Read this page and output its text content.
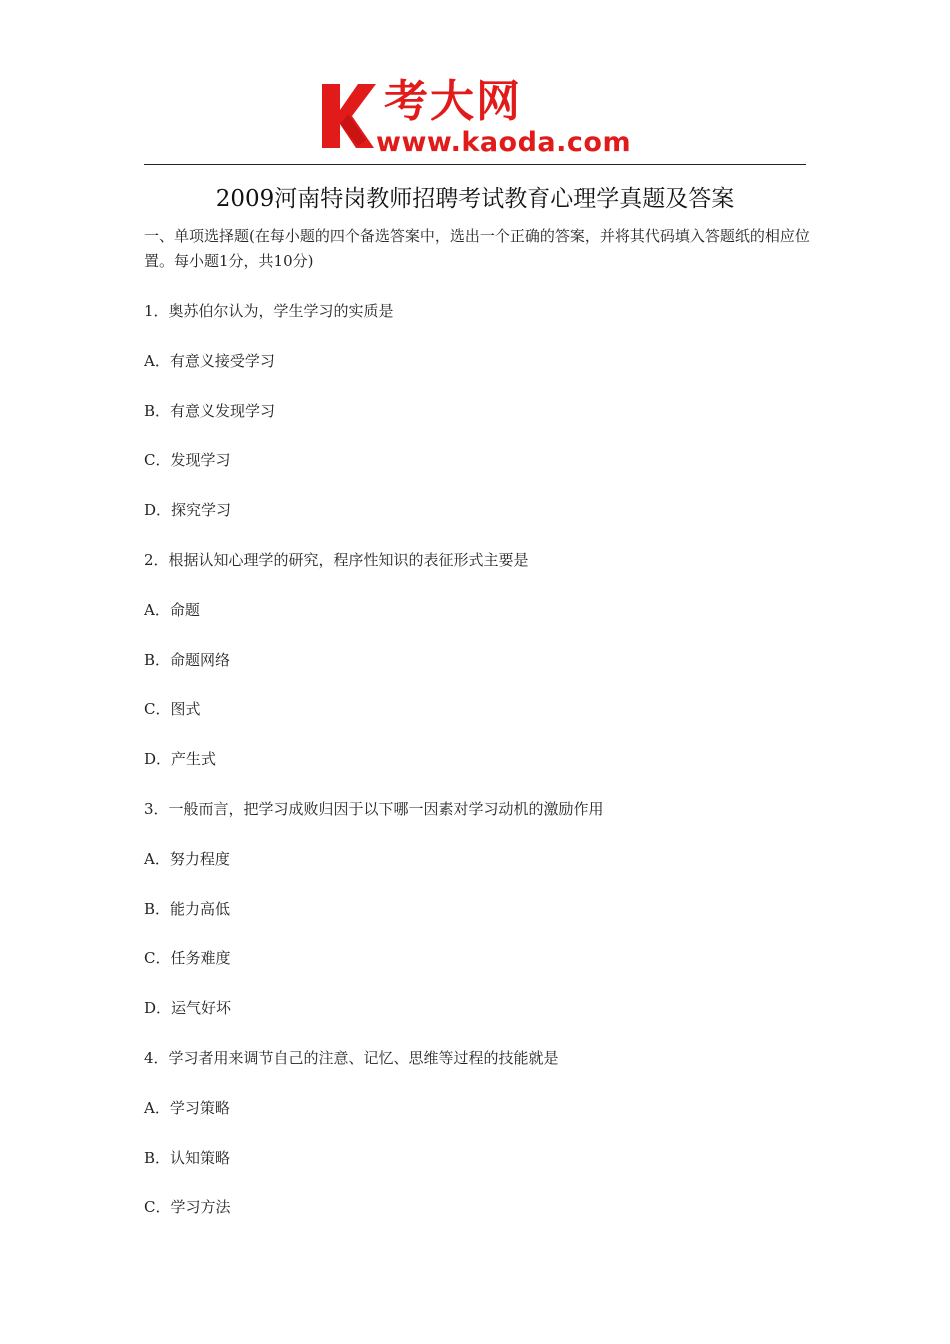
考大网
www.kaoda.com
2009河南特岗教师招聘考试教育心理学真题及答案
一、单项选择题(在每小题的四个备选答案中，选出一个正确的答案，并将其代码填入答题纸的相应位置。每小题1分，共10分)
1．奥苏伯尔认为，学生学习的实质是
A．有意义接受学习
B．有意义发现学习
C．发现学习
D．探究学习
2．根据认知心理学的研究，程序性知识的表征形式主要是
A．命题
B．命题网络
C．图式
D．产生式
3．一般而言，把学习成败归因于以下哪一因素对学习动机的激励作用
A．努力程度
B．能力高低
C．任务难度
D．运气好坏
4．学习者用来调节自己的注意、记忆、思维等过程的技能就是
A．学习策略
B．认知策略
C．学习方法
